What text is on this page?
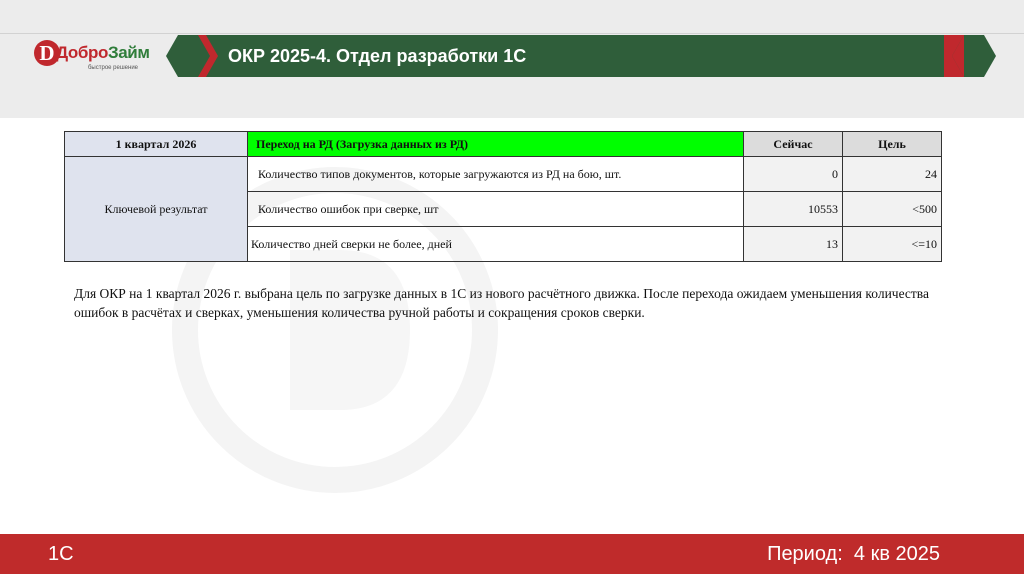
D ДоброЗайм
быстрое решение
ОКР 2025-4. Отдел разработки 1С
1 квартал 2026	Переход на РД (Загрузка данных из РД)	Сейчас	Цель
Ключевой результат	Количество типов документов, которые загружаются из РД на бою, шт.	0	24
	Количество ошибок при сверке, шт	10553	<500
	Количество дней сверки не более, дней	13	<=10

Для ОКР на 1 квартал 2026 г. выбрана цель по загрузке данных в 1С из нового расчётного движка. После перехода ожидаем уменьшения количества ошибок в расчётах и сверках, уменьшения количества ручной работы и сокращения сроков сверки.

1С	Период: 4 кв 2025
